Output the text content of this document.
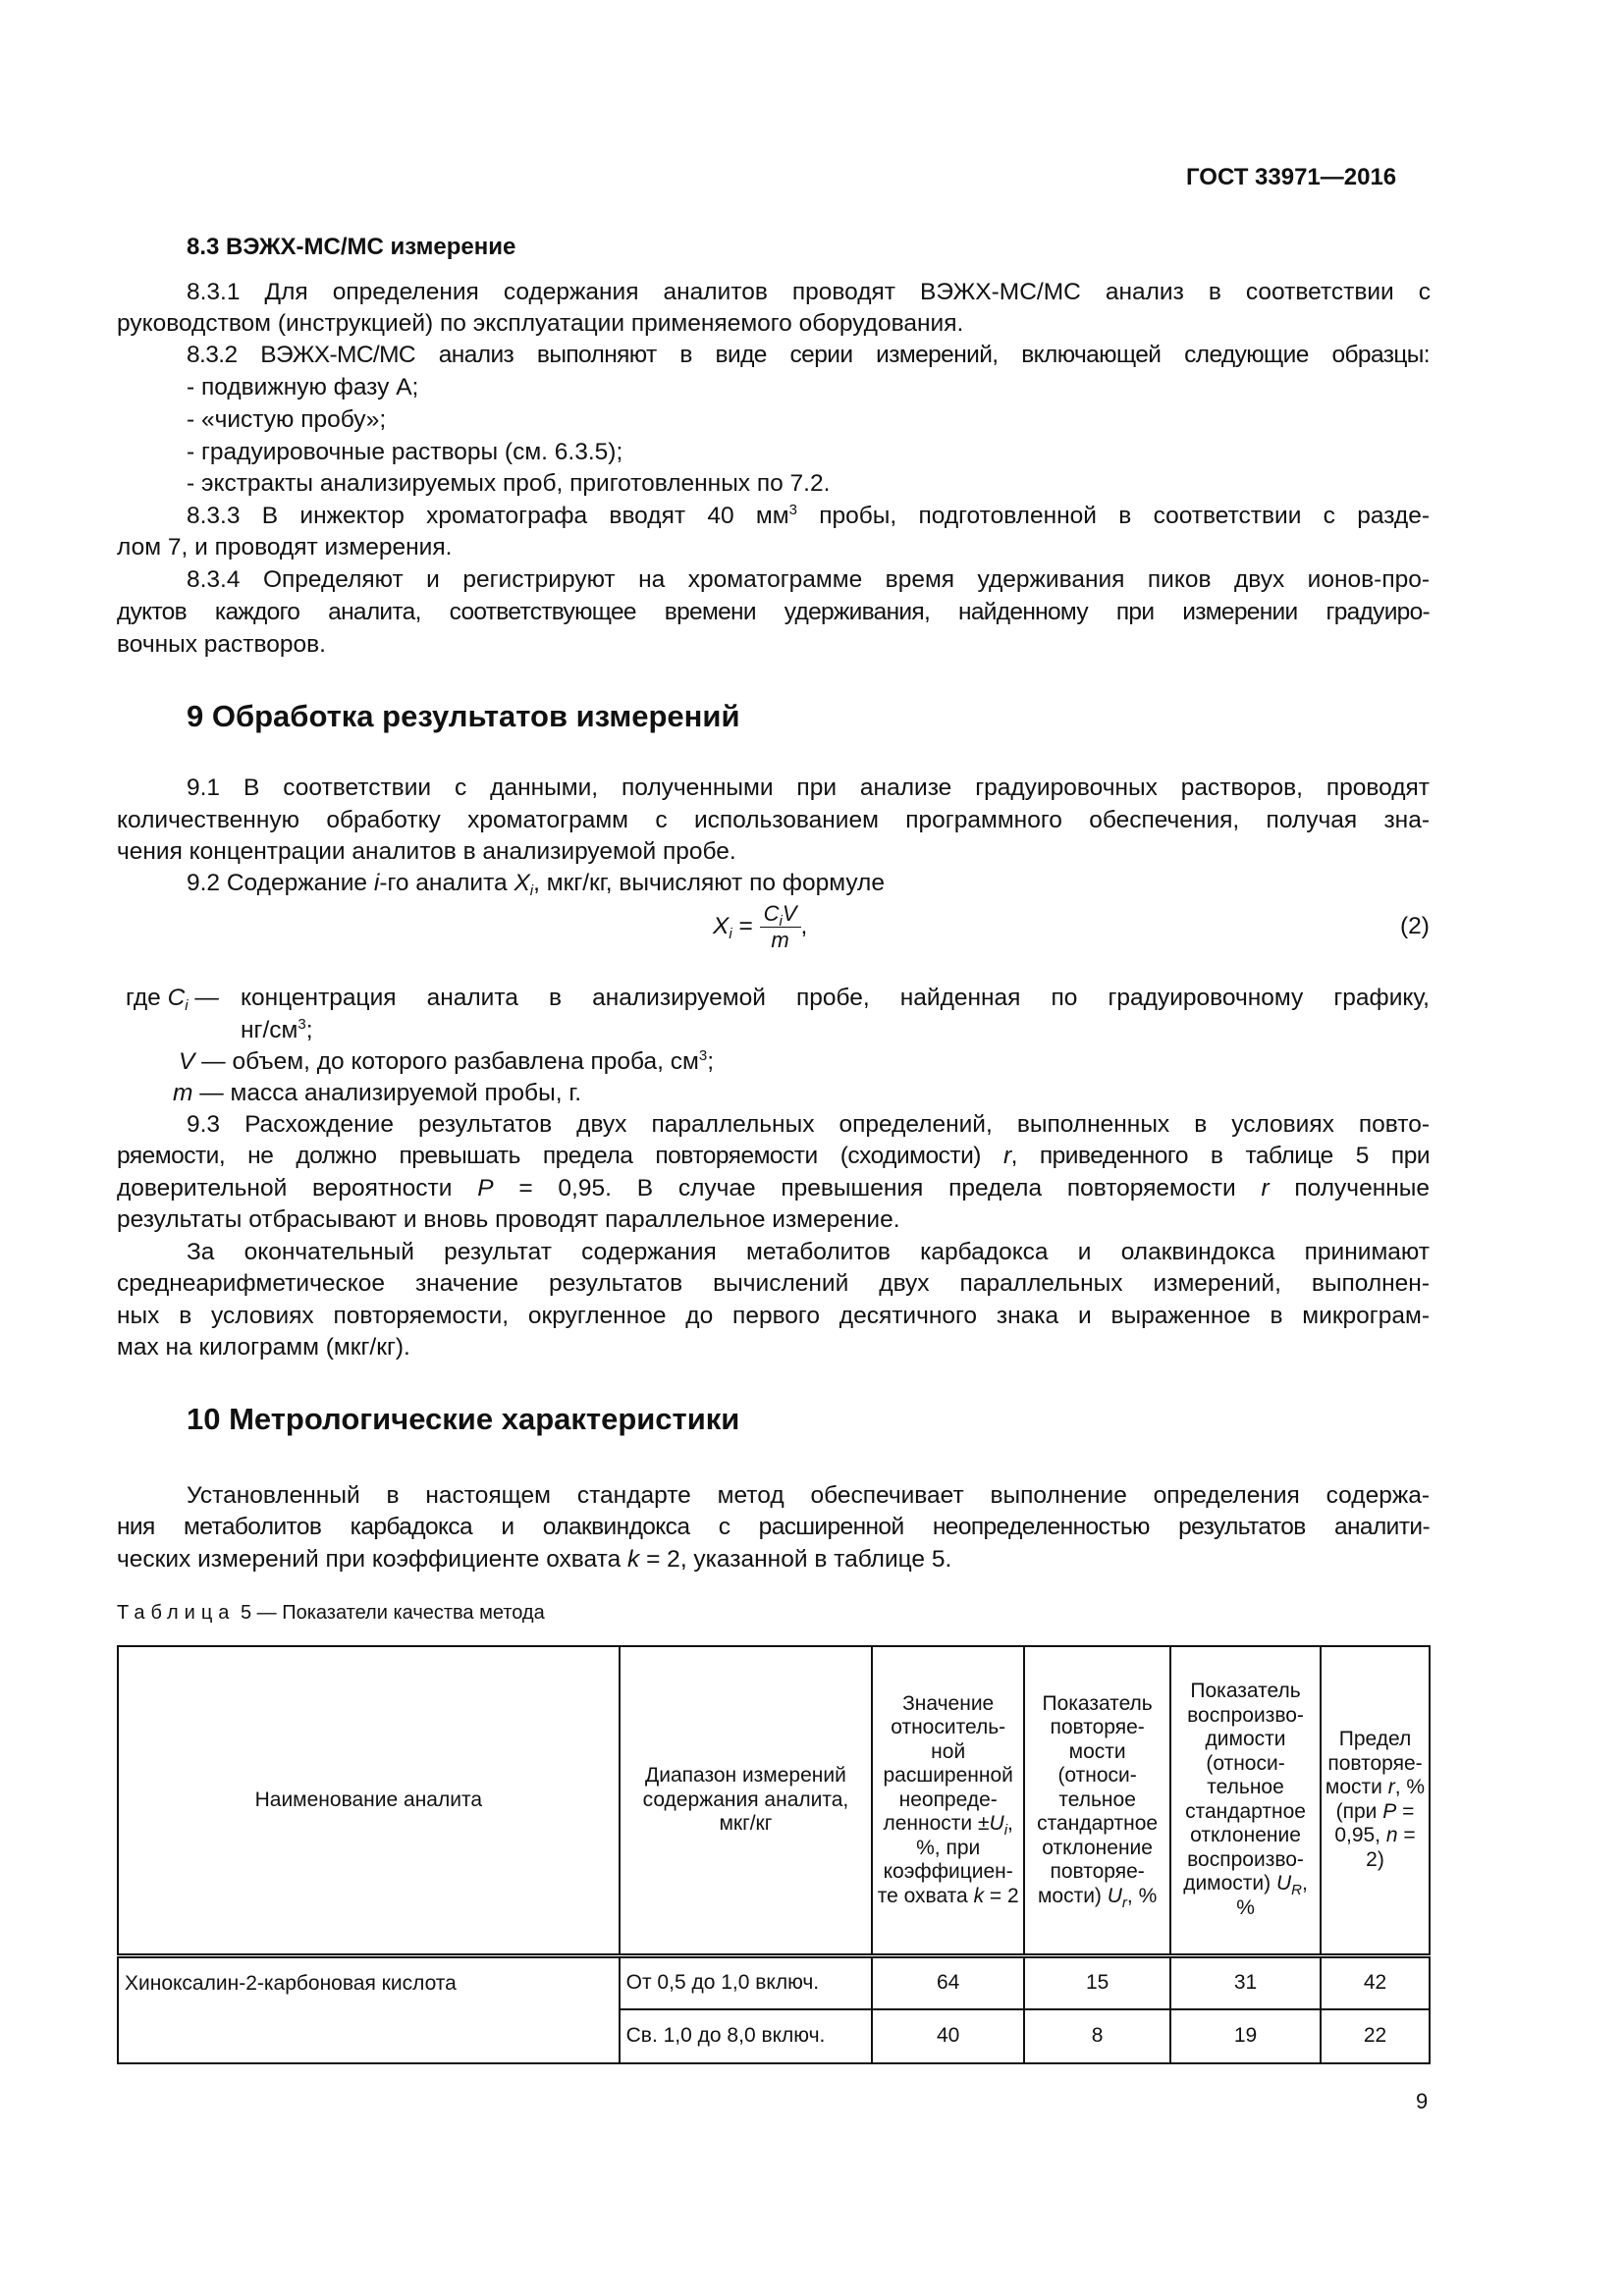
ГОСТ 33971—2016
8.3 ВЭЖХ-МС/МС измерение
8.3.1 Для определения содержания аналитов проводят ВЭЖХ-МС/МС анализ в соответствии с
руководством (инструкцией) по эксплуатации применяемого оборудования.
8.3.2 ВЭЖХ-МС/МС анализ выполняют в виде серии измерений, включающей следующие образцы:
- подвижную фазу А;
- «чистую пробу»;
- градуировочные растворы (см. 6.3.5);
- экстракты анализируемых проб, приготовленных по 7.2.
8.3.3 В инжектор хроматографа вводят 40 $мм^3$ пробы, подготовленной в соответствии с разде-
лом 7, и проводят измерения.
8.3.4 Определяют и регистрируют на хроматограмме время удерживания пиков двух ионов-про-
дуктов каждого аналита, соответствующее времени удерживания, найденному при измерении градуиро-
вочных растворов.
9 Обработка результатов измерений
9.1 В соответствии с данными, полученными при анализе градуировочных растворов, проводят
количественную обработку хроматограмм с использованием программного обеспечения, получая зна-
чения концентрации аналитов в анализируемой пробе.
9.2 Содержание i-го аналита $X_i$, мкг/кг, вычисляют по формуле
$X_i = \frac{C_iV}{m}$ ,	(2)
где $C_i$ — концентрация аналита в анализируемой пробе, найденная по градуировочному графику,
$нг/см^3$;
V — объем, до которого разбавлена проба, $см^3$;
m — масса анализируемой пробы, г.
9.3 Расхождение результатов двух параллельных определений, выполненных в условиях повто-
ряемости, не должно превышать предела повторяемости (сходимости) r, приведенного в таблице 5 при
доверительной вероятности P = 0,95. В случае превышения предела повторяемости r полученные
результаты отбрасывают и вновь проводят параллельное измерение.
За окончательный результат содержания метаболитов карбадокса и олаквиндокса принимают
среднеарифметическое значение результатов вычислений двух параллельных измерений, выполнен-
ных в условиях повторяемости, округленное до первого десятичного знака и выраженное в микрограм-
мах на килограмм (мкг/кг).
10 Метрологические характеристики
Установленный в настоящем стандарте метод обеспечивает выполнение определения содержа-
ния метаболитов карбадокса и олаквиндокса с расширенной неопределенностью результатов аналити-
ческих измерений при коэффициенте охвата k = 2, указанной в таблице 5.
Таблица 5 — Показатели качества метода
Наименование аналита	Диапазон измерений содержания аналита, мкг/кг	Значение относитель-ной расширенной неопреде-ленности $\pm U_i$, %, при коэффициен-те охвата k = 2	Показатель повторяе-мости (относи-тельное стандартное отклонение повторяе-мости) $U_r$, %	Показатель воспроизво-димости (относи-тельное стандартное отклонение воспроизво-димости) $U_R$, %	Предел повторяе-мости r, % (при P = 0,95, n = 2)
Хиноксалин-2-карбоновая кислота	От 0,5 до 1,0 включ.	64	15	31	42
	Св. 1,0 до 8,0 включ.	40	8	19	22
9
